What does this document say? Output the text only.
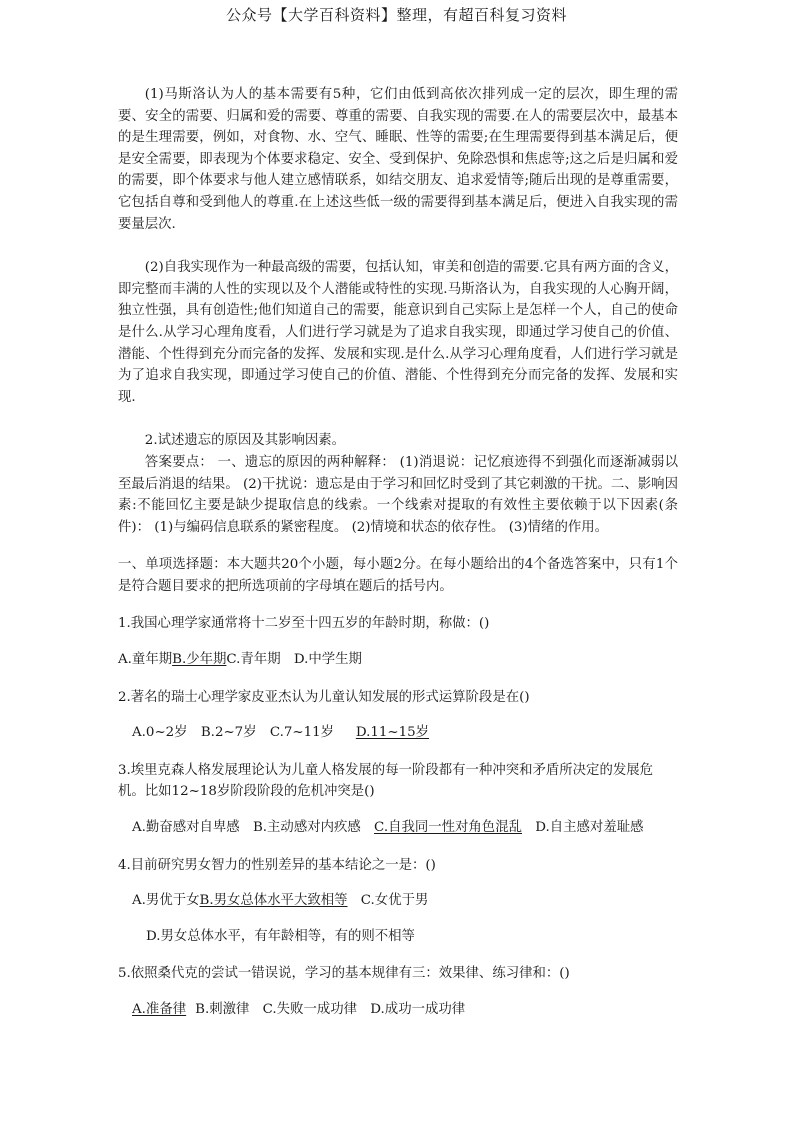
公众号【大学百科资料】整理，有超百科复习资料

(1)马斯洛认为人的基本需要有5种，它们由低到高依次排列成一定的层次，即生理的需要、安全的需要、归属和爱的需要、尊重的需要、自我实现的需要.在人的需要层次中，最基本的是生理需要，例如，对食物、水、空气、睡眠、性等的需要;在生理需要得到基本满足后，便是安全需要，即表现为个体要求稳定、安全、受到保护、免除恐惧和焦虑等;这之后是归属和爱的需要，即个体要求与他人建立感情联系，如结交朋友、追求爱情等;随后出现的是尊重需要，它包括自尊和受到他人的尊重.在上述这些低一级的需要得到基本满足后，便进入自我实现的需要量层次.

(2)自我实现作为一种最高级的需要，包括认知，审美和创造的需要.它具有两方面的含义，即完整而丰满的人性的实现以及个人潜能或特性的实现.马斯洛认为，自我实现的人心胸开阔，独立性强，具有创造性;他们知道自己的需要，能意识到自己实际上是怎样一个人，自己的使命是什么.从学习心理角度看，人们进行学习就是为了追求自我实现，即通过学习使自己的价值、潜能、个性得到充分而完备的发挥、发展和实现.是什么.从学习心理角度看，人们进行学习就是为了追求自我实现，即通过学习使自己的价值、潜能、个性得到充分而完备的发挥、发展和实现.

2.试述遗忘的原因及其影响因素。

答案要点： 一、遗忘的原因的两种解释： (1)消退说：记忆痕迹得不到强化而逐渐减弱以至最后消退的结果。 (2)干扰说：遗忘是由于学习和回忆时受到了其它刺激的干扰。二、影响因素:不能回忆主要是缺少提取信息的线索。一个线索对提取的有效性主要依赖于以下因素(条件)： (1)与编码信息联系的紧密程度。 (2)情境和状态的依存性。 (3)情绪的作用。

一、单项选择题：本大题共20个小题，每小题2分。在每小题给出的4个备选答案中，只有1个是符合题目要求的把所选项前的字母填在题后的括号内。

1.我国心理学家通常将十二岁至十四五岁的年龄时期，称做：()

A.童年期B.少年期C.青年期 D.中学生期

2.著名的瑞士心理学家皮亚杰认为儿童认知发展的形式运算阶段是在()

A.0~2岁 B.2~7岁 C.7~11岁 D.11~15岁

3.埃里克森人格发展理论认为儿童人格发展的每一阶段都有一种冲突和矛盾所决定的发展危机。比如12~18岁阶段阶段的危机冲突是()

A.勤奋感对自卑感 B.主动感对内疚感 C.自我同一性对角色混乱 D.自主感对羞耻感

4.目前研究男女智力的性别差异的基本结论之一是：()

A.男优于女B.男女总体水平大致相等 C.女优于男

D.男女总体水平，有年龄相等，有的则不相等

5.依照桑代克的尝试一错误说，学习的基本规律有三：效果律、练习律和：()

A.准备律 B.刺激律 C.失败一成功律 D.成功一成功律
